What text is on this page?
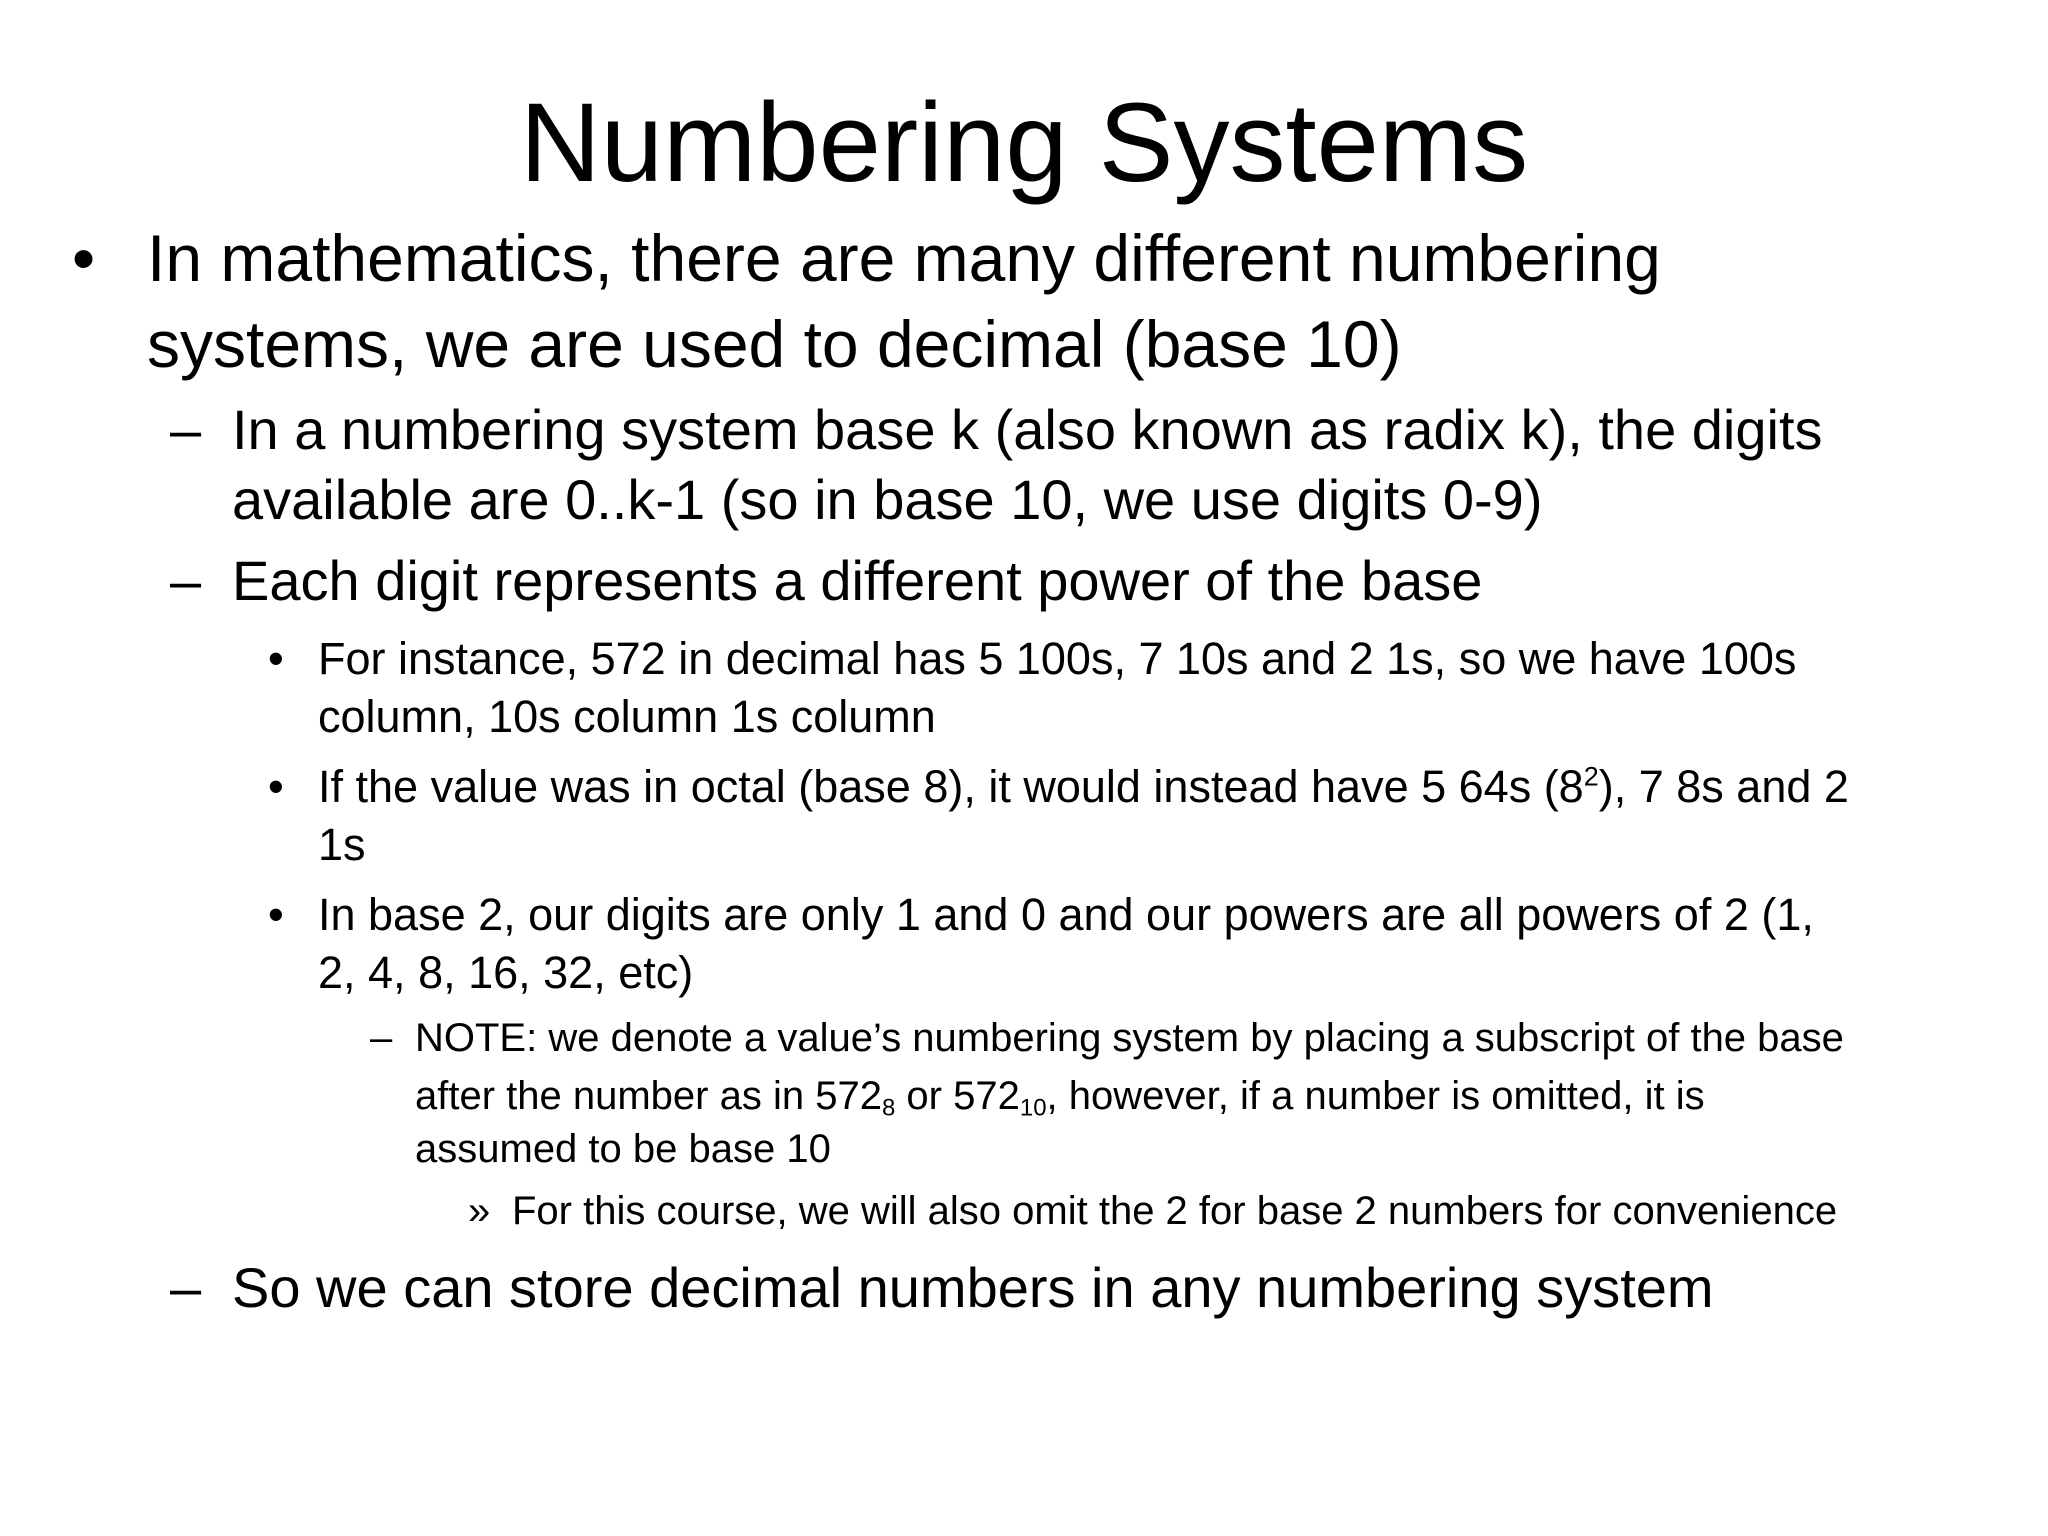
Numbering Systems
• In mathematics, there are many different numbering
systems, we are used to decimal (base 10)
– In a numbering system base k (also known as radix k), the digits
available are 0..k-1 (so in base 10, we use digits 0-9)
– Each digit represents a different power of the base
• For instance, 572 in decimal has 5 100s, 7 10s and 2 1s, so we have 100s
column, 10s column 1s column
• If the value was in octal (base 8), it would instead have 5 64s $(8^2)$, 7 8s and 2
1s
• In base 2, our digits are only 1 and 0 and our powers are all powers of 2 (1,
2, 4, 8, 16, 32, etc)
– NOTE: we denote a value’s numbering system by placing a subscript of the base
after the number as in $572_8$ or $572_{10}$, however, if a number is omitted, it is
assumed to be base 10
» For this course, we will also omit the 2 for base 2 numbers for convenience
– So we can store decimal numbers in any numbering system
